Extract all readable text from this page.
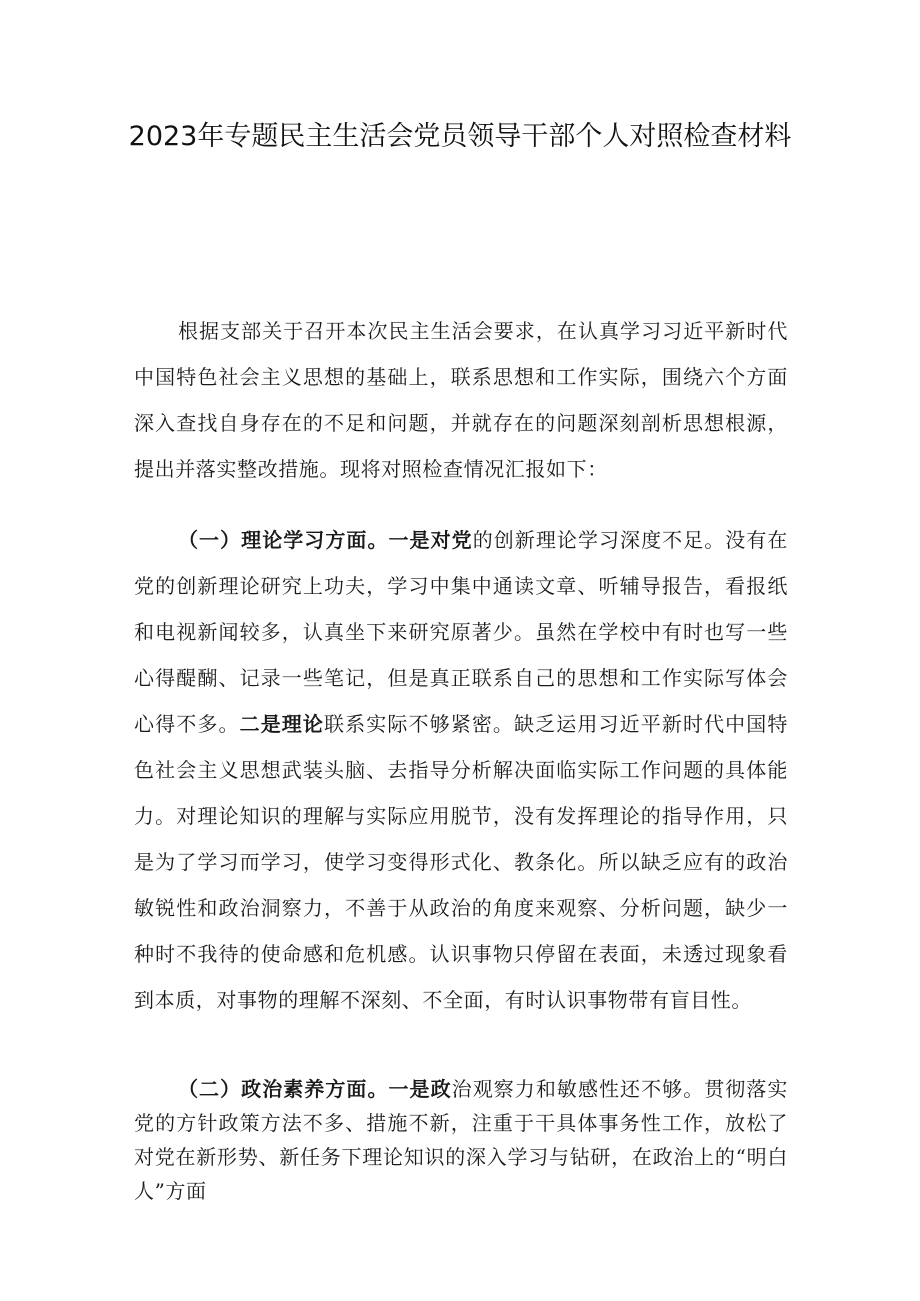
2023年专题民主生活会党员领导干部个人对照检查材料

根据支部关于召开本次民主生活会要求，在认真学习习近平新时代中国特色社会主义思想的基础上，联系思想和工作实际，围绕六个方面深入查找自身存在的不足和问题，并就存在的问题深刻剖析思想根源，提出并落实整改措施。现将对照检查情况汇报如下：

（一）理论学习方面。一是对党的创新理论学习深度不足。没有在党的创新理论研究上功夫，学习中集中通读文章、听辅导报告，看报纸和电视新闻较多，认真坐下来研究原著少。虽然在学校中有时也写一些心得醍醐、记录一些笔记，但是真正联系自己的思想和工作实际写体会心得不多。二是理论联系实际不够紧密。缺乏运用习近平新时代中国特色社会主义思想武装头脑、去指导分析解决面临实际工作问题的具体能力。对理论知识的理解与实际应用脱节，没有发挥理论的指导作用，只是为了学习而学习，使学习变得形式化、教条化。所以缺乏应有的政治敏锐性和政治洞察力，不善于从政治的角度来观察、分析问题，缺少一种时不我待的使命感和危机感。认识事物只停留在表面，未透过现象看到本质，对事物的理解不深刻、不全面，有时认识事物带有盲目性。

（二）政治素养方面。一是政治观察力和敏感性还不够。贯彻落实党的方针政策方法不多、措施不新，注重于干具体事务性工作，放松了对党在新形势、新任务下理论知识的深入学习与钻研，在政治上的“明白人”方面
